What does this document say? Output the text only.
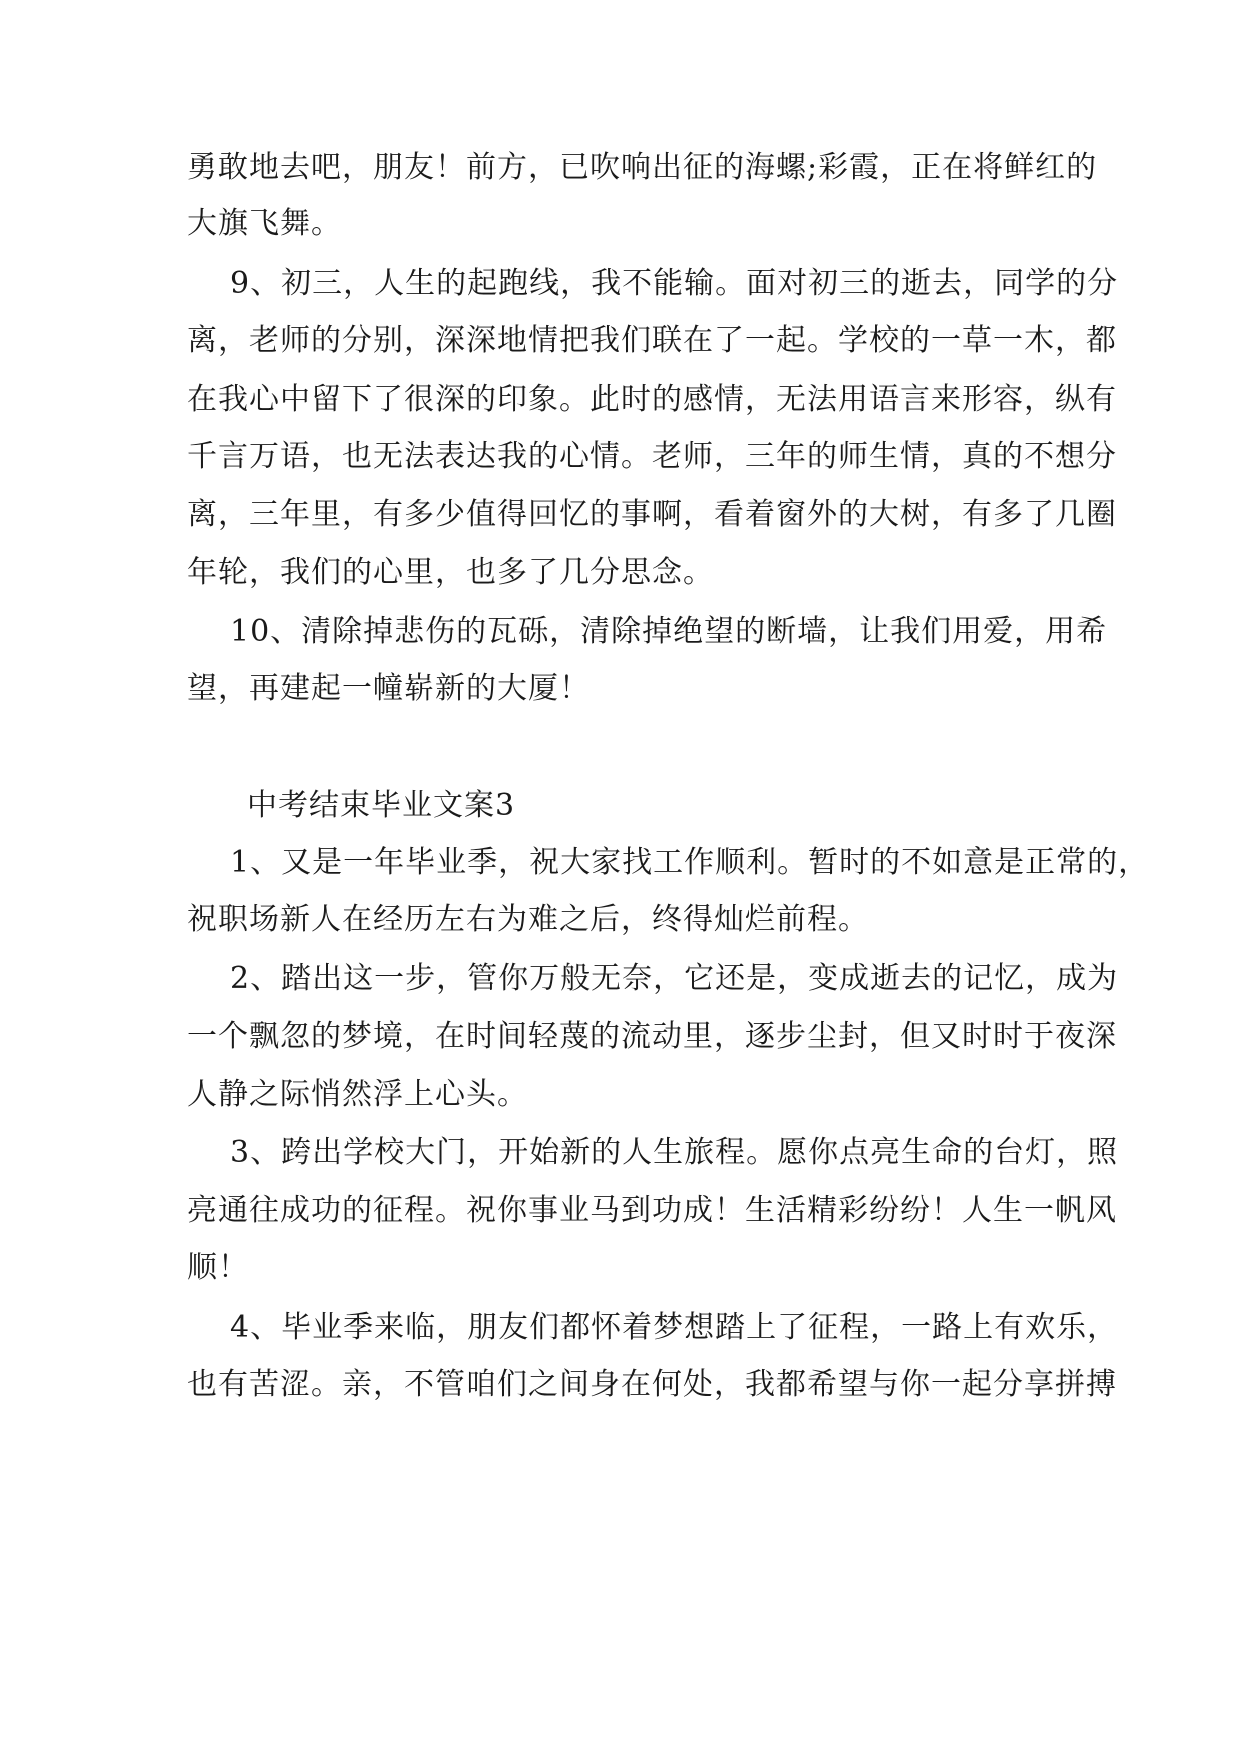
勇敢地去吧，朋友！前方，已吹响出征的海螺;彩霞，正在将鲜红的
大旗飞舞。
9、初三，人生的起跑线，我不能输。面对初三的逝去，同学的分
离，老师的分别，深深地情把我们联在了一起。学校的一草一木，都
在我心中留下了很深的印象。此时的感情，无法用语言来形容，纵有
千言万语，也无法表达我的心情。老师，三年的师生情，真的不想分
离，三年里，有多少值得回忆的事啊，看着窗外的大树，有多了几圈
年轮，我们的心里，也多了几分思念。
10、清除掉悲伤的瓦砾，清除掉绝望的断墙，让我们用爱，用希
望，再建起一幢崭新的大厦！
中考结束毕业文案3
1、又是一年毕业季，祝大家找工作顺利。暂时的不如意是正常的，
祝职场新人在经历左右为难之后，终得灿烂前程。
2、踏出这一步，管你万般无奈，它还是，变成逝去的记忆，成为
一个飘忽的梦境，在时间轻蔑的流动里，逐步尘封，但又时时于夜深
人静之际悄然浮上心头。
3、跨出学校大门，开始新的人生旅程。愿你点亮生命的台灯，照
亮通往成功的征程。祝你事业马到功成！生活精彩纷纷！人生一帆风
顺！
4、毕业季来临，朋友们都怀着梦想踏上了征程，一路上有欢乐，
也有苦涩。亲，不管咱们之间身在何处，我都希望与你一起分享拼搏
